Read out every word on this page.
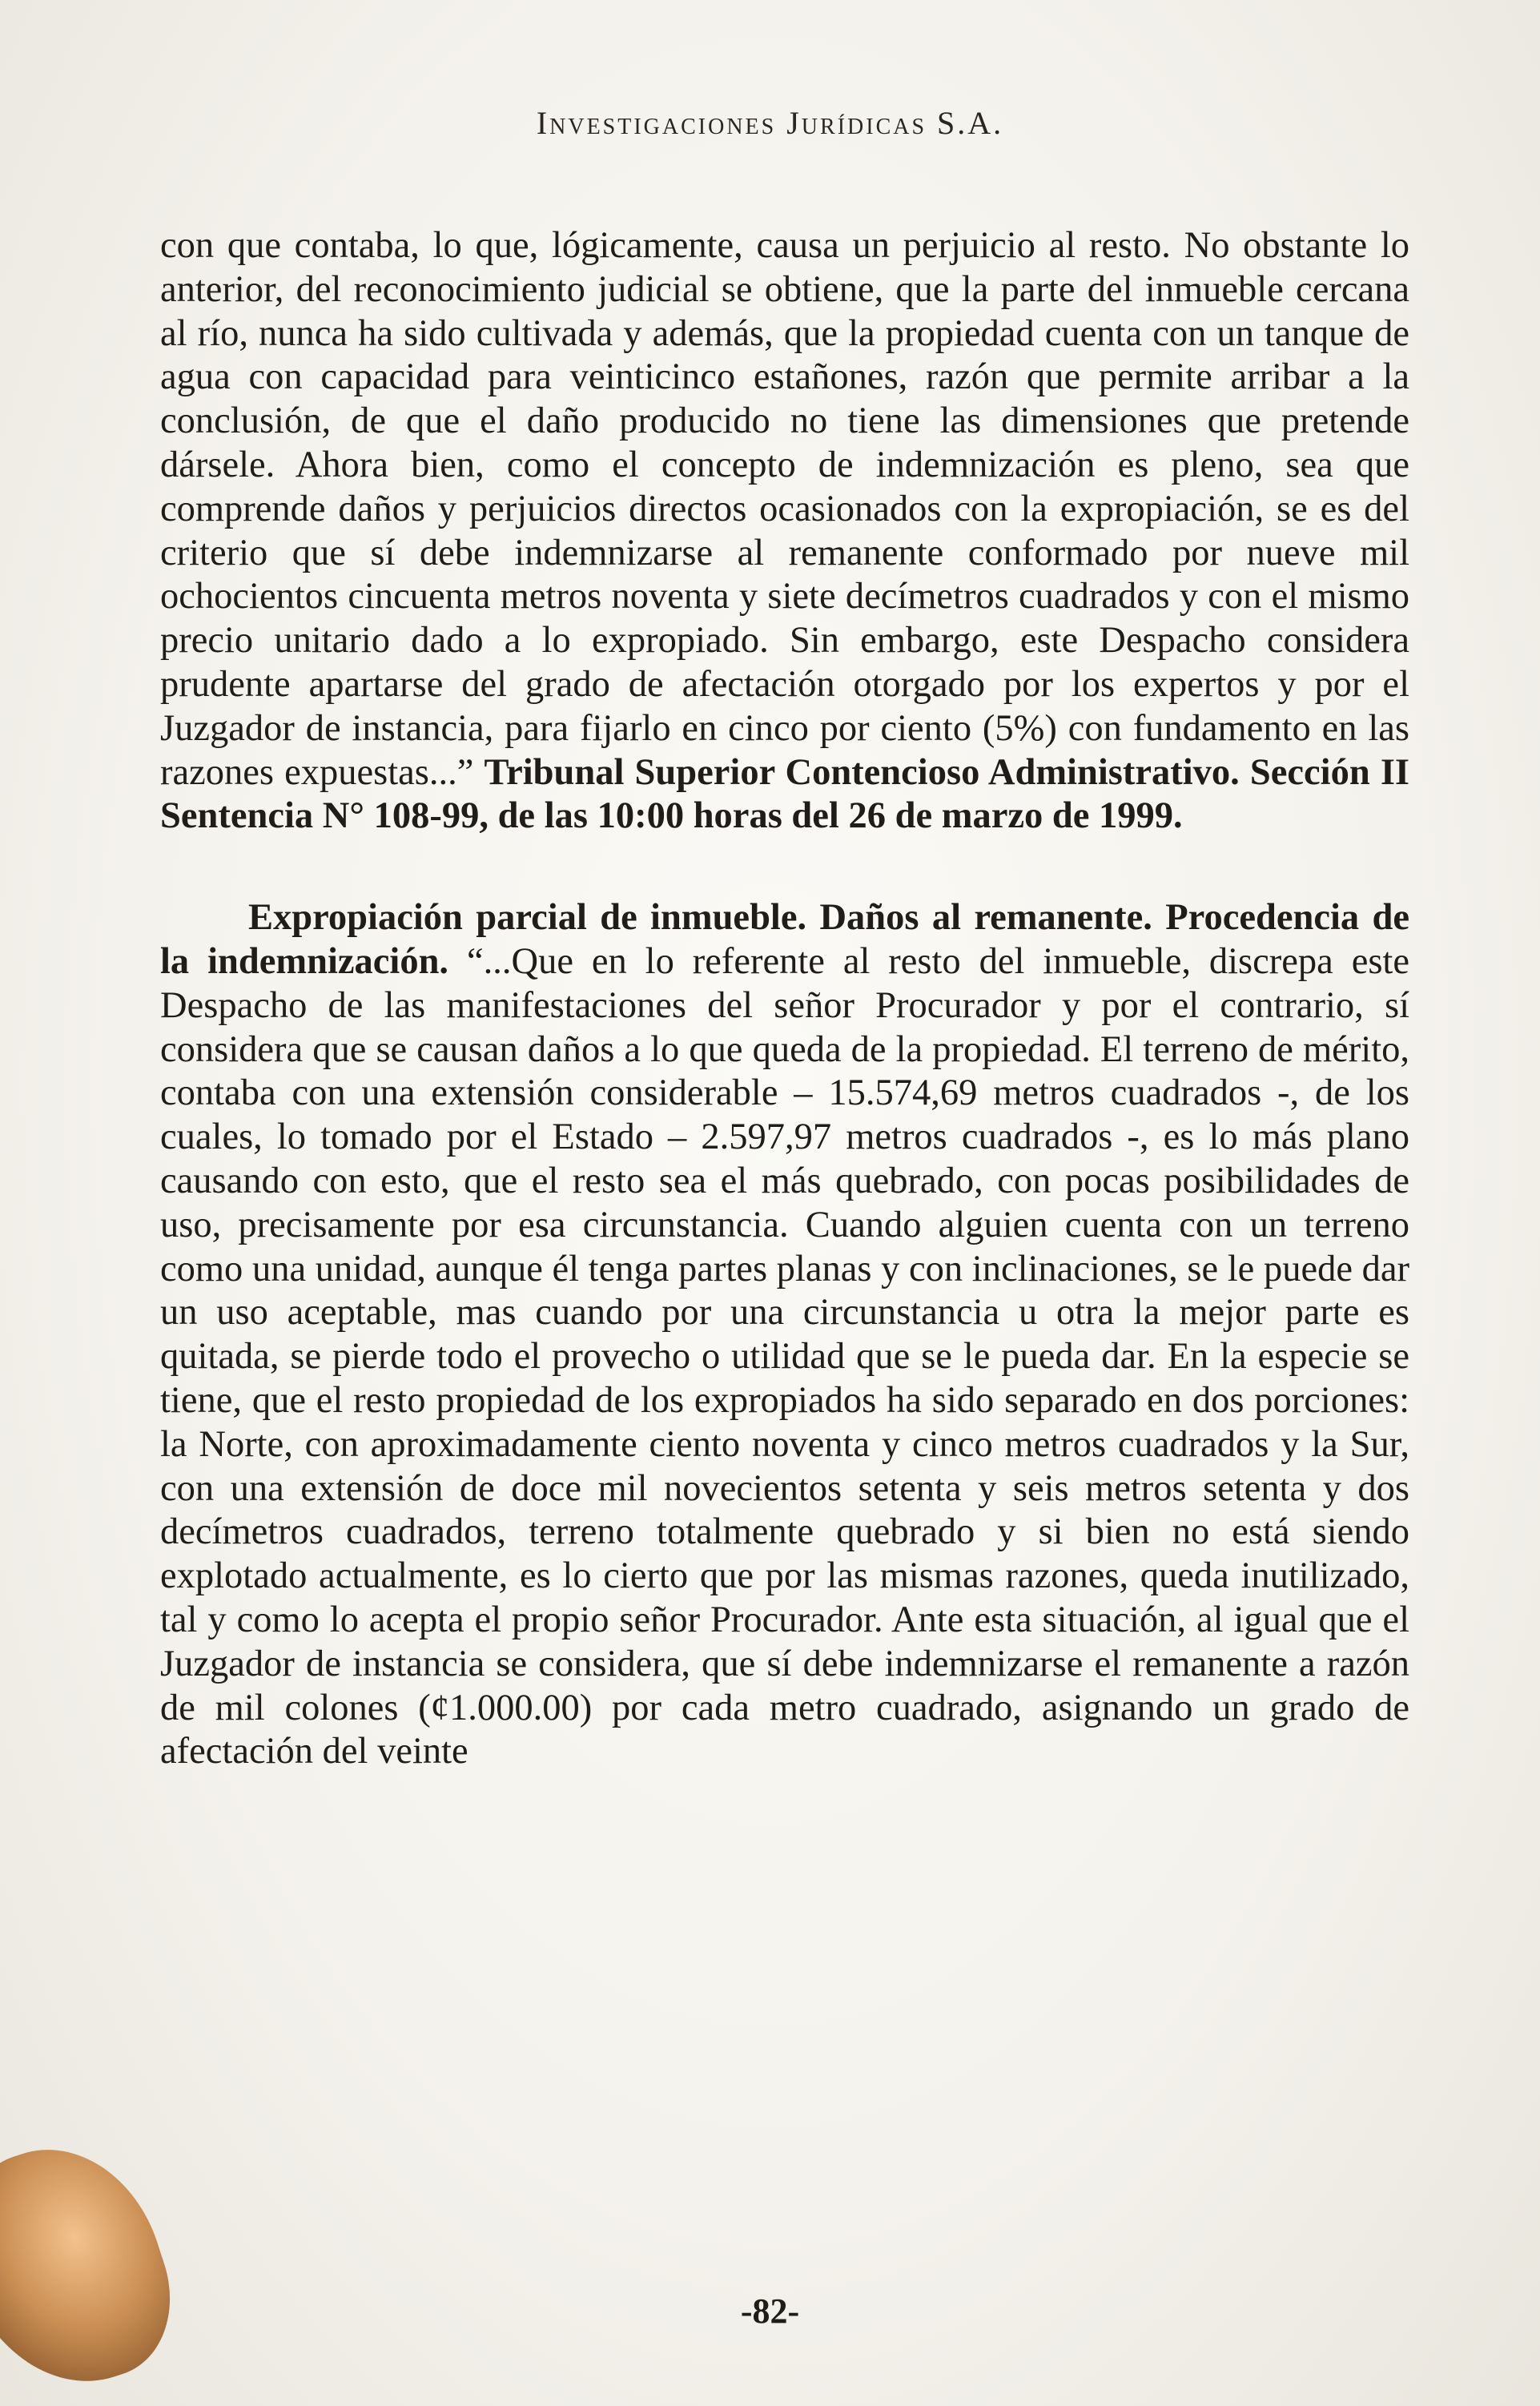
Investigaciones Jurídicas S.A.

con que contaba, lo que, lógicamente, causa un perjuicio al resto. No obstante lo anterior, del reconocimiento judicial se obtiene, que la parte del inmueble cercana al río, nunca ha sido cultivada y además, que la propiedad cuenta con un tanque de agua con capacidad para veinticinco estañones, razón que permite arribar a la conclusión, de que el daño producido no tiene las dimensiones que pretende dársele. Ahora bien, como el concepto de indemnización es pleno, sea que comprende daños y perjuicios directos ocasionados con la expropiación, se es del criterio que sí debe indemnizarse al remanente conformado por nueve mil ochocientos cincuenta metros noventa y siete decímetros cuadrados y con el mismo precio unitario dado a lo expropiado. Sin embargo, este Despacho considera prudente apartarse del grado de afectación otorgado por los expertos y por el Juzgador de instancia, para fijarlo en cinco por ciento (5%) con fundamento en las razones expuestas...” Tribunal Superior Contencioso Administrativo. Sección II Sentencia N° 108-99, de las 10:00 horas del 26 de marzo de 1999.

Expropiación parcial de inmueble. Daños al remanente. Procedencia de la indemnización. “...Que en lo referente al resto del inmueble, discrepa este Despacho de las manifestaciones del señor Procurador y por el contrario, sí considera que se causan daños a lo que queda de la propiedad. El terreno de mérito, contaba con una extensión considerable – 15.574,69 metros cuadrados -, de los cuales, lo tomado por el Estado – 2.597,97 metros cuadrados -, es lo más plano causando con esto, que el resto sea el más quebrado, con pocas posibilidades de uso, precisamente por esa circunstancia. Cuando alguien cuenta con un terreno como una unidad, aunque él tenga partes planas y con inclinaciones, se le puede dar un uso aceptable, mas cuando por una circunstancia u otra la mejor parte es quitada, se pierde todo el provecho o utilidad que se le pueda dar. En la especie se tiene, que el resto propiedad de los expropiados ha sido separado en dos porciones: la Norte, con aproximadamente ciento noventa y cinco metros cuadrados y la Sur, con una extensión de doce mil novecientos setenta y seis metros setenta y dos decímetros cuadrados, terreno totalmente quebrado y si bien no está siendo explotado actualmente, es lo cierto que por las mismas razones, queda inutilizado, tal y como lo acepta el propio señor Procurador. Ante esta situación, al igual que el Juzgador de instancia se considera, que sí debe indemnizarse el remanente a razón de mil colones (¢1.000.00) por cada metro cuadrado, asignando un grado de afectación del veinte

-82-
